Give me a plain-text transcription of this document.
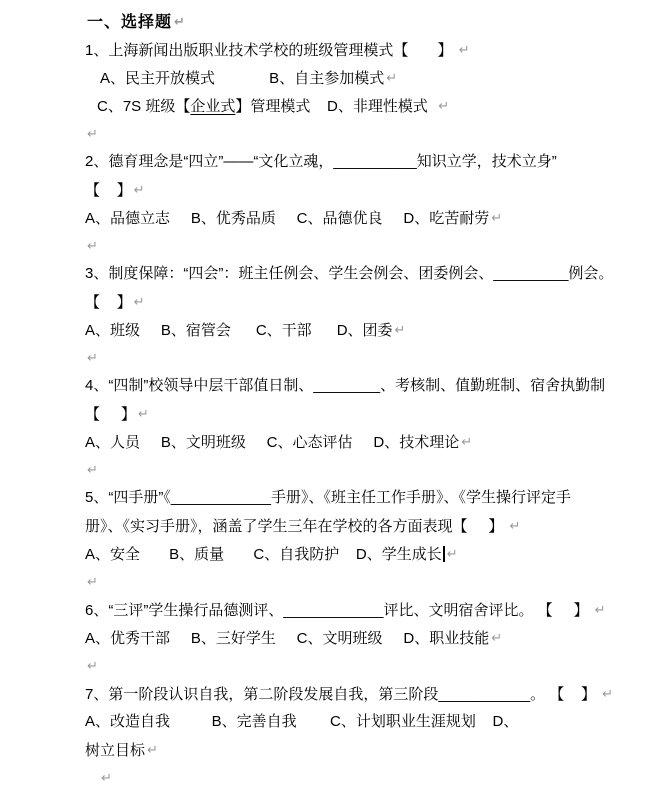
一、选择题 ↵
1、上海新闻出版职业技术学校的班级管理模式【       】 ↵
A、民主开放模式             B、自主参加模式 ↵
C、7S 班级【企业式】管理模式    D、非理性模式  ↵
↵
2、德育理念是“四立”——“文化立魂，__________知识立学，技术立身”
【    】 ↵
A、品德立志     B、优秀品质     C、品德优良     D、吃苦耐劳 ↵
↵
3、制度保障：“四会”：班主任例会、学生会例会、团委例会、_________例会。
【    】 ↵
A、班级     B、宿管会      C、干部      D、团委 ↵
↵
4、“四制”校领导中层干部值日制、________、考核制、值勤班制、宿舍执勤制
【     】 ↵
A、人员     B、文明班级     C、心态评估     D、技术理论 ↵
↵
5、“四手册”《____________手册》、《班主任工作手册》、《学生操行评定手
册》、《实习手册》，涵盖了学生三年在学校的各方面表现【     】 ↵
A、安全       B、质量       C、自我防护    D、学生成长 ↵
↵
6、“三评”学生操行品德测评、____________评比、文明宿舍评比。 【     】 ↵
A、优秀干部     B、三好学生     C、文明班级     D、职业技能 ↵
↵
7、第一阶段认识自我，第二阶段发展自我，第三阶段___________。 【    】 ↵
A、改造自我          B、完善自我        C、计划职业生涯规划    D、
树立目标 ↵
↵
